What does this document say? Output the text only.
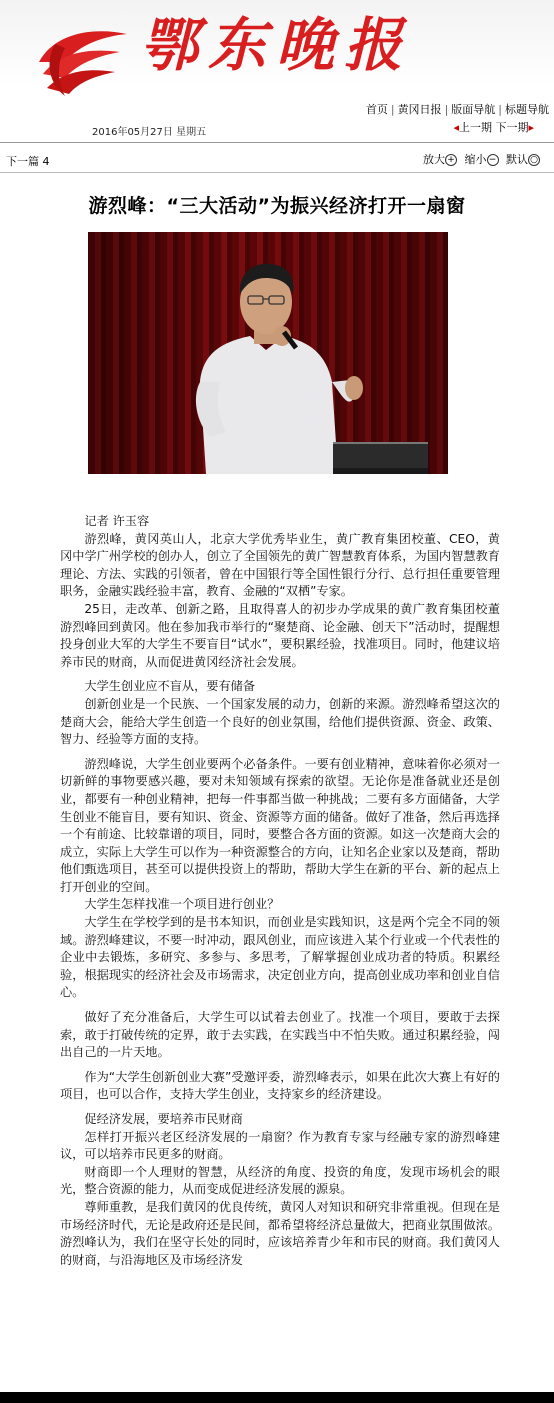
鄂东晚报
首页 | 黄冈日报 | 版面导航 | 标题导航
2016年05月27日 星期五	◂上一期 下一期▸
下一篇 4	放大 + 缩小 − 默认 ○
游烈峰：“三大活动”为振兴经济打开一扇窗

记者 许玉容

游烈峰，黄冈英山人，北京大学优秀毕业生，黄广教育集团校董、CEO，黄冈中学广州学校的创办人，创立了全国领先的黄广智慧教育体系，为国内智慧教育理论、方法、实践的引领者，曾在中国银行等全国性银行分行、总行担任重要管理职务，金融实践经验丰富，教育、金融的“双栖”专家。

25日，走改革、创新之路，且取得喜人的初步办学成果的黄广教育集团校董游烈峰回到黄冈。他在参加我市举行的“聚楚商、论金融、创天下”活动时，提醒想投身创业大军的大学生不要盲目“试水”，要积累经验，找准项目。同时，他建议培养市民的财商，从而促进黄冈经济社会发展。

大学生创业应不盲从，要有储备

创新创业是一个民族、一个国家发展的动力，创新的来源。游烈峰希望这次的楚商大会，能给大学生创造一个良好的创业氛围，给他们提供资源、资金、政策、智力、经验等方面的支持。

游烈峰说，大学生创业要两个必备条件。一要有创业精神，意味着你必须对一切新鲜的事物要感兴趣，要对未知领域有探索的欲望。无论你是准备就业还是创业，都要有一种创业精神，把每一件事都当做一种挑战；二要有多方面储备，大学生创业不能盲目，要有知识、资金、资源等方面的储备。做好了准备，然后再选择一个有前途、比较靠谱的项目，同时，要整合各方面的资源。如这一次楚商大会的成立，实际上大学生可以作为一种资源整合的方向，让知名企业家以及楚商，帮助他们甄选项目，甚至可以提供投资上的帮助，帮助大学生在新的平台、新的起点上打开创业的空间。

大学生怎样找准一个项目进行创业？

大学生在学校学到的是书本知识，而创业是实践知识，这是两个完全不同的领域。游烈峰建议，不要一时冲动，跟风创业，而应该进入某个行业或一个代表性的企业中去锻炼，多研究、多参与、多思考，了解掌握创业成功者的特质。积累经验，根据现实的经济社会及市场需求，决定创业方向，提高创业成功率和创业自信心。

做好了充分准备后，大学生可以试着去创业了。找准一个项目，要敢于去探索，敢于打破传统的定界，敢于去实践，在实践当中不怕失败。通过积累经验，闯出自己的一片天地。

作为“大学生创新创业大赛”受邀评委，游烈峰表示，如果在此次大赛上有好的项目，也可以合作，支持大学生创业，支持家乡的经济建设。

促经济发展，要培养市民财商

怎样打开振兴老区经济发展的一扇窗？作为教育专家与经融专家的游烈峰建议，可以培养市民更多的财商。

财商即一个人理财的智慧，从经济的角度、投资的角度，发现市场机会的眼光，整合资源的能力，从而变成促进经济发展的源泉。

尊师重教，是我们黄冈的优良传统，黄冈人对知识和研究非常重视。但现在是市场经济时代，无论是政府还是民间，都希望将经济总量做大，把商业氛围做浓。游烈峰认为，我们在坚守长处的同时，应该培养青少年和市民的财商。我们黄冈人的财商，与沿海地区及市场经济发
